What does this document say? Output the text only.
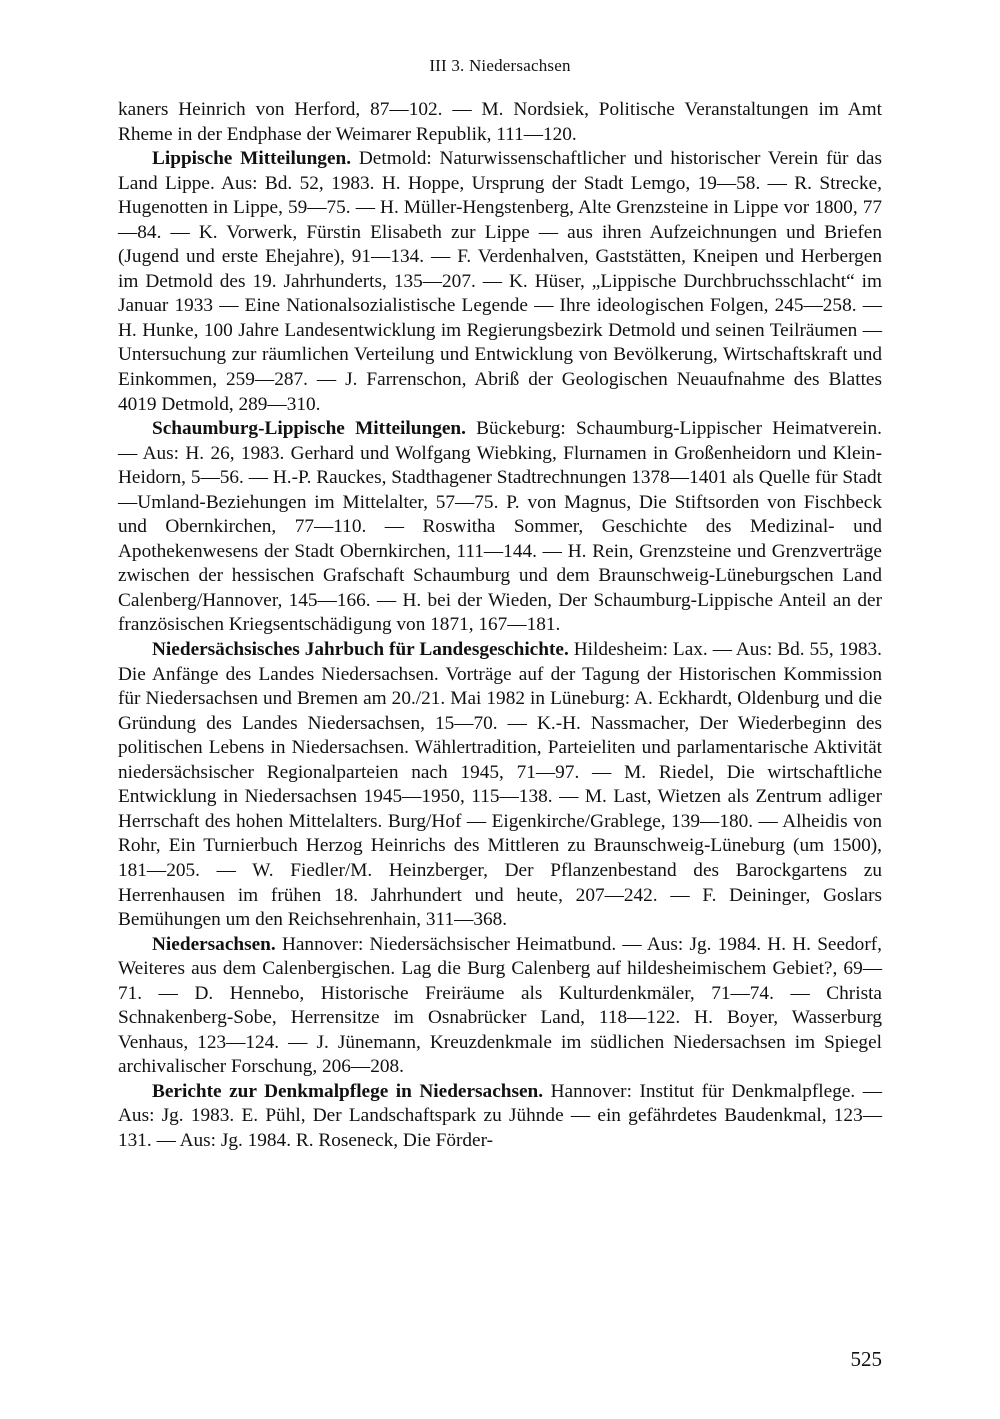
III 3. Niedersachsen

kaners Heinrich von Herford, 87—102. — M. Nordsiek, Politische Veranstaltungen im Amt Rheme in der Endphase der Weimarer Republik, 111—120.

Lippische Mitteilungen. Detmold: Naturwissenschaftlicher und historischer Verein für das Land Lippe. Aus: Bd. 52, 1983. H. Hoppe, Ursprung der Stadt Lemgo, 19—58. — R. Strecke, Hugenotten in Lippe, 59—75. — H. Müller-Hengstenberg, Alte Grenzsteine in Lippe vor 1800, 77—84. — K. Vorwerk, Fürstin Elisabeth zur Lippe — aus ihren Aufzeichnungen und Briefen (Jugend und erste Ehejahre), 91—134. — F. Verdenhalven, Gaststätten, Kneipen und Herbergen im Detmold des 19. Jahrhunderts, 135—207. — K. Hüser, „Lippische Durchbruchsschlacht“ im Januar 1933 — Eine Nationalsozialistische Legende — Ihre ideologischen Folgen, 245—258. — H. Hunke, 100 Jahre Landesentwicklung im Regierungsbezirk Detmold und seinen Teilräumen — Untersuchung zur räumlichen Verteilung und Entwicklung von Bevölkerung, Wirtschaftskraft und Einkommen, 259—287. — J. Farrenschon, Abriß der Geologischen Neuaufnahme des Blattes 4019 Detmold, 289—310.

Schaumburg-Lippische Mitteilungen. Bückeburg: Schaumburg-Lippischer Heimatverein. — Aus: H. 26, 1983. Gerhard und Wolfgang Wiebking, Flurnamen in Großenheidorn und Klein-Heidorn, 5—56. — H.-P. Rauckes, Stadthagener Stadtrechnungen 1378—1401 als Quelle für Stadt—Umland-Beziehungen im Mittelalter, 57—75. P. von Magnus, Die Stiftsorden von Fischbeck und Obernkirchen, 77—110. — Roswitha Sommer, Geschichte des Medizinal- und Apothekenwesens der Stadt Obernkirchen, 111—144. — H. Rein, Grenzsteine und Grenzverträge zwischen der hessischen Grafschaft Schaumburg und dem Braunschweig-Lüneburgschen Land Calenberg/Hannover, 145—166. — H. bei der Wieden, Der Schaumburg-Lippische Anteil an der französischen Kriegsentschädigung von 1871, 167—181.

Niedersächsisches Jahrbuch für Landesgeschichte. Hildesheim: Lax. — Aus: Bd. 55, 1983. Die Anfänge des Landes Niedersachsen. Vorträge auf der Tagung der Historischen Kommission für Niedersachsen und Bremen am 20./21. Mai 1982 in Lüneburg: A. Eckhardt, Oldenburg und die Gründung des Landes Niedersachsen, 15—70. — K.-H. Nassmacher, Der Wiederbeginn des politischen Lebens in Niedersachsen. Wählertradition, Parteieliten und parlamentarische Aktivität niedersächsischer Regionalparteien nach 1945, 71—97. — M. Riedel, Die wirtschaftliche Entwicklung in Niedersachsen 1945—1950, 115—138. — M. Last, Wietzen als Zentrum adliger Herrschaft des hohen Mittelalters. Burg/Hof — Eigenkirche/Grablege, 139—180. — Alheidis von Rohr, Ein Turnierbuch Herzog Heinrichs des Mittleren zu Braunschweig-Lüneburg (um 1500), 181—205. — W. Fiedler/M. Heinzberger, Der Pflanzenbestand des Barockgartens zu Herrenhausen im frühen 18. Jahrhundert und heute, 207—242. — F. Deininger, Goslars Bemühungen um den Reichsehrenhain, 311—368.

Niedersachsen. Hannover: Niedersächsischer Heimatbund. — Aus: Jg. 1984. H. H. Seedorf, Weiteres aus dem Calenbergischen. Lag die Burg Calenberg auf hildesheimischem Gebiet?, 69—71. — D. Hennebo, Historische Freiräume als Kulturdenkmäler, 71—74. — Christa Schnakenberg-Sobe, Herrensitze im Osnabrücker Land, 118—122. H. Boyer, Wasserburg Venhaus, 123—124. — J. Jünemann, Kreuzdenkmale im südlichen Niedersachsen im Spiegel archivalischer Forschung, 206—208.

Berichte zur Denkmalpflege in Niedersachsen. Hannover: Institut für Denkmalpflege. — Aus: Jg. 1983. E. Pühl, Der Landschaftspark zu Jühnde — ein gefährdetes Baudenkmal, 123—131. — Aus: Jg. 1984. R. Roseneck, Die Förder-

525
